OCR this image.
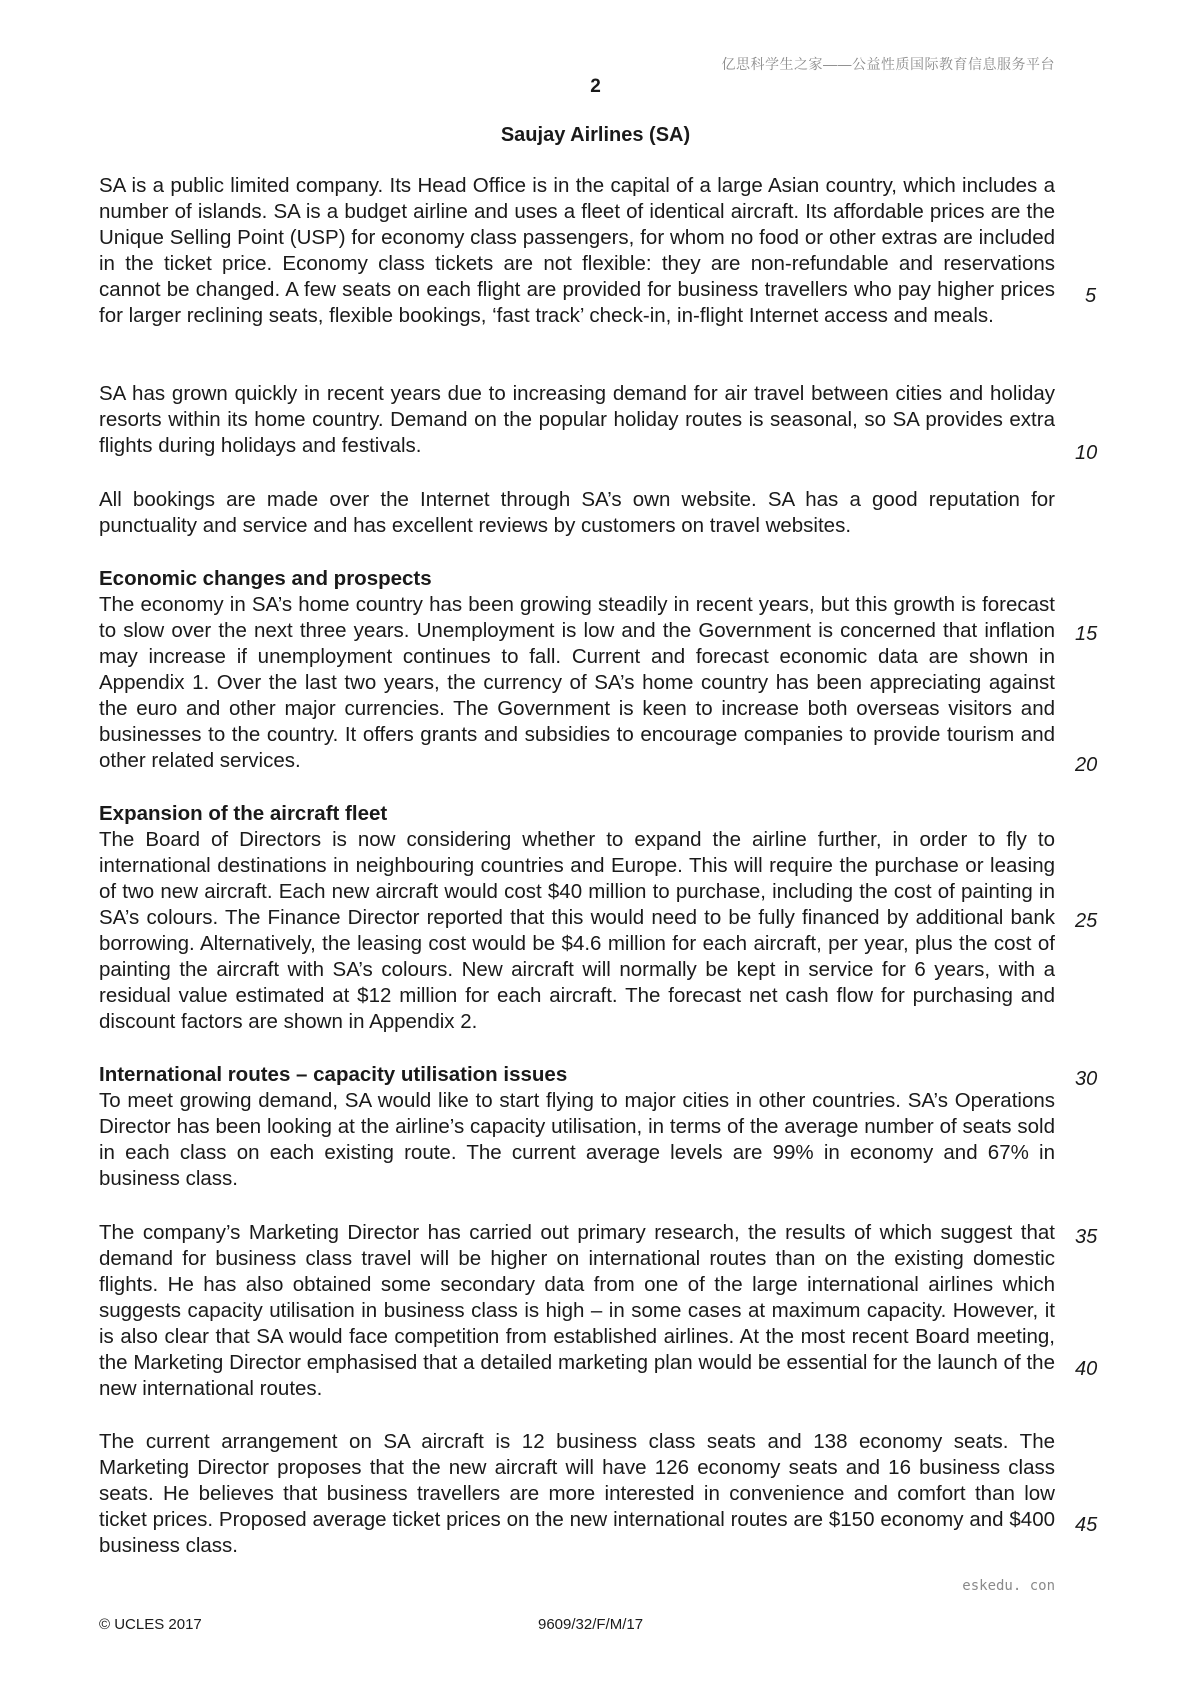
亿思科学生之家——公益性质国际教育信息服务平台
2
Saujay Airlines (SA)
SA is a public limited company. Its Head Office is in the capital of a large Asian country, which includes a number of islands. SA is a budget airline and uses a fleet of identical aircraft. Its affordable prices are the Unique Selling Point (USP) for economy class passengers, for whom no food or other extras are included in the ticket price. Economy class tickets are not flexible: they are non-refundable and reservations cannot be changed. A few seats on each flight are provided for business travellers who pay higher prices for larger reclining seats, flexible bookings, ‘fast track’ check-in, in-flight Internet access and meals.
SA has grown quickly in recent years due to increasing demand for air travel between cities and holiday resorts within its home country. Demand on the popular holiday routes is seasonal, so SA provides extra flights during holidays and festivals.
All bookings are made over the Internet through SA’s own website. SA has a good reputation for punctuality and service and has excellent reviews by customers on travel websites.
Economic changes and prospects
The economy in SA’s home country has been growing steadily in recent years, but this growth is forecast to slow over the next three years. Unemployment is low and the Government is concerned that inflation may increase if unemployment continues to fall. Current and forecast economic data are shown in Appendix 1. Over the last two years, the currency of SA’s home country has been appreciating against the euro and other major currencies. The Government is keen to increase both overseas visitors and businesses to the country. It offers grants and subsidies to encourage companies to provide tourism and other related services.
Expansion of the aircraft fleet
The Board of Directors is now considering whether to expand the airline further, in order to fly to international destinations in neighbouring countries and Europe. This will require the purchase or leasing of two new aircraft. Each new aircraft would cost $40 million to purchase, including the cost of painting in SA’s colours. The Finance Director reported that this would need to be fully financed by additional bank borrowing. Alternatively, the leasing cost would be $4.6 million for each aircraft, per year, plus the cost of painting the aircraft with SA’s colours. New aircraft will normally be kept in service for 6 years, with a residual value estimated at $12 million for each aircraft. The forecast net cash flow for purchasing and discount factors are shown in Appendix 2.
International routes – capacity utilisation issues
To meet growing demand, SA would like to start flying to major cities in other countries. SA’s Operations Director has been looking at the airline’s capacity utilisation, in terms of the average number of seats sold in each class on each existing route. The current average levels are 99% in economy and 67% in business class.
The company’s Marketing Director has carried out primary research, the results of which suggest that demand for business class travel will be higher on international routes than on the existing domestic flights. He has also obtained some secondary data from one of the large international airlines which suggests capacity utilisation in business class is high – in some cases at maximum capacity. However, it is also clear that SA would face competition from established airlines. At the most recent Board meeting, the Marketing Director emphasised that a detailed marketing plan would be essential for the launch of the new international routes.
The current arrangement on SA aircraft is 12 business class seats and 138 economy seats. The Marketing Director proposes that the new aircraft will have 126 economy seats and 16 business class seats. He believes that business travellers are more interested in convenience and comfort than low ticket prices. Proposed average ticket prices on the new international routes are $150 economy and $400 business class.
5
10
15
20
25
30
35
40
45
eskedu. con
© UCLES 2017	9609/32/F/M/17
